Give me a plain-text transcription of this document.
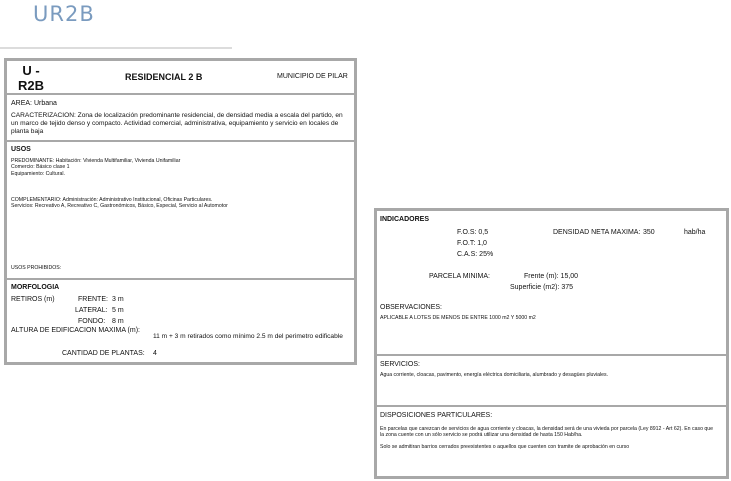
UR2B
U -
R2B
RESIDENCIAL 2 B	MUNICIPIO DE PILAR
AREA: Urbana
CARACTERIZACION: Zona de localización predominante residencial, de densidad media a escala del partido, en un marco de tejido denso y compacto. Actividad comercial, administrativa, equipamiento y servicio en locales de planta baja
USOS
PREDOMINANTE: Habitación: Vivienda Multifamiliar, Vivienda Unifamiliar
Comercio: Básico clase 1
Equipamiento: Cultural.
COMPLEMENTARIO: Administración: Administrativo Institucional, Oficinas Particulares.
Servicios: Recreativo A, Recreativo C, Gastronómicos, Básico, Especial, Servicio al Automotor
USOS PROHIBIDOS:
MORFOLOGIA
RETIROS (m)	FRENTE: 3 m
LATERAL: 5 m
FONDO: 8 m
ALTURA DE EDIFICACION MAXIMA (m):
11 m + 3 m retirados como mínimo 2.5 m del perimetro edificable
CANTIDAD DE PLANTAS: 4
INDICADORES
F.O.S: 0,5
F.O.T: 1,0
C.A.S: 25%
DENSIDAD NETA MAXIMA: 350	hab/ha
PARCELA MINIMA:	Frente (m): 15,00
Superficie (m2): 375
OBSERVACIONES:
APLICABLE A LOTES DE MENOS DE ENTRE 1000 m2 Y 5000 m2
SERVICIOS:
Agua corriente, cloacas, pavimento, energía eléctrica domiciliaria, alumbrado y desagües pluviales.
DISPOSICIONES PARTICULARES:
En parcelas que carezcan de servicios de agua corriente y cloacas, la densidad será de una vivieda por parcela (Ley 8912 - Art 62). En caso que la zona cuente con un sólo servicio se podrá utilizar una densidad de hasta 150 Hab/ha.
Solo se admitiran barrios cerrados preexistentes o aquellos que cuenten con tramite de aprobación en curso
